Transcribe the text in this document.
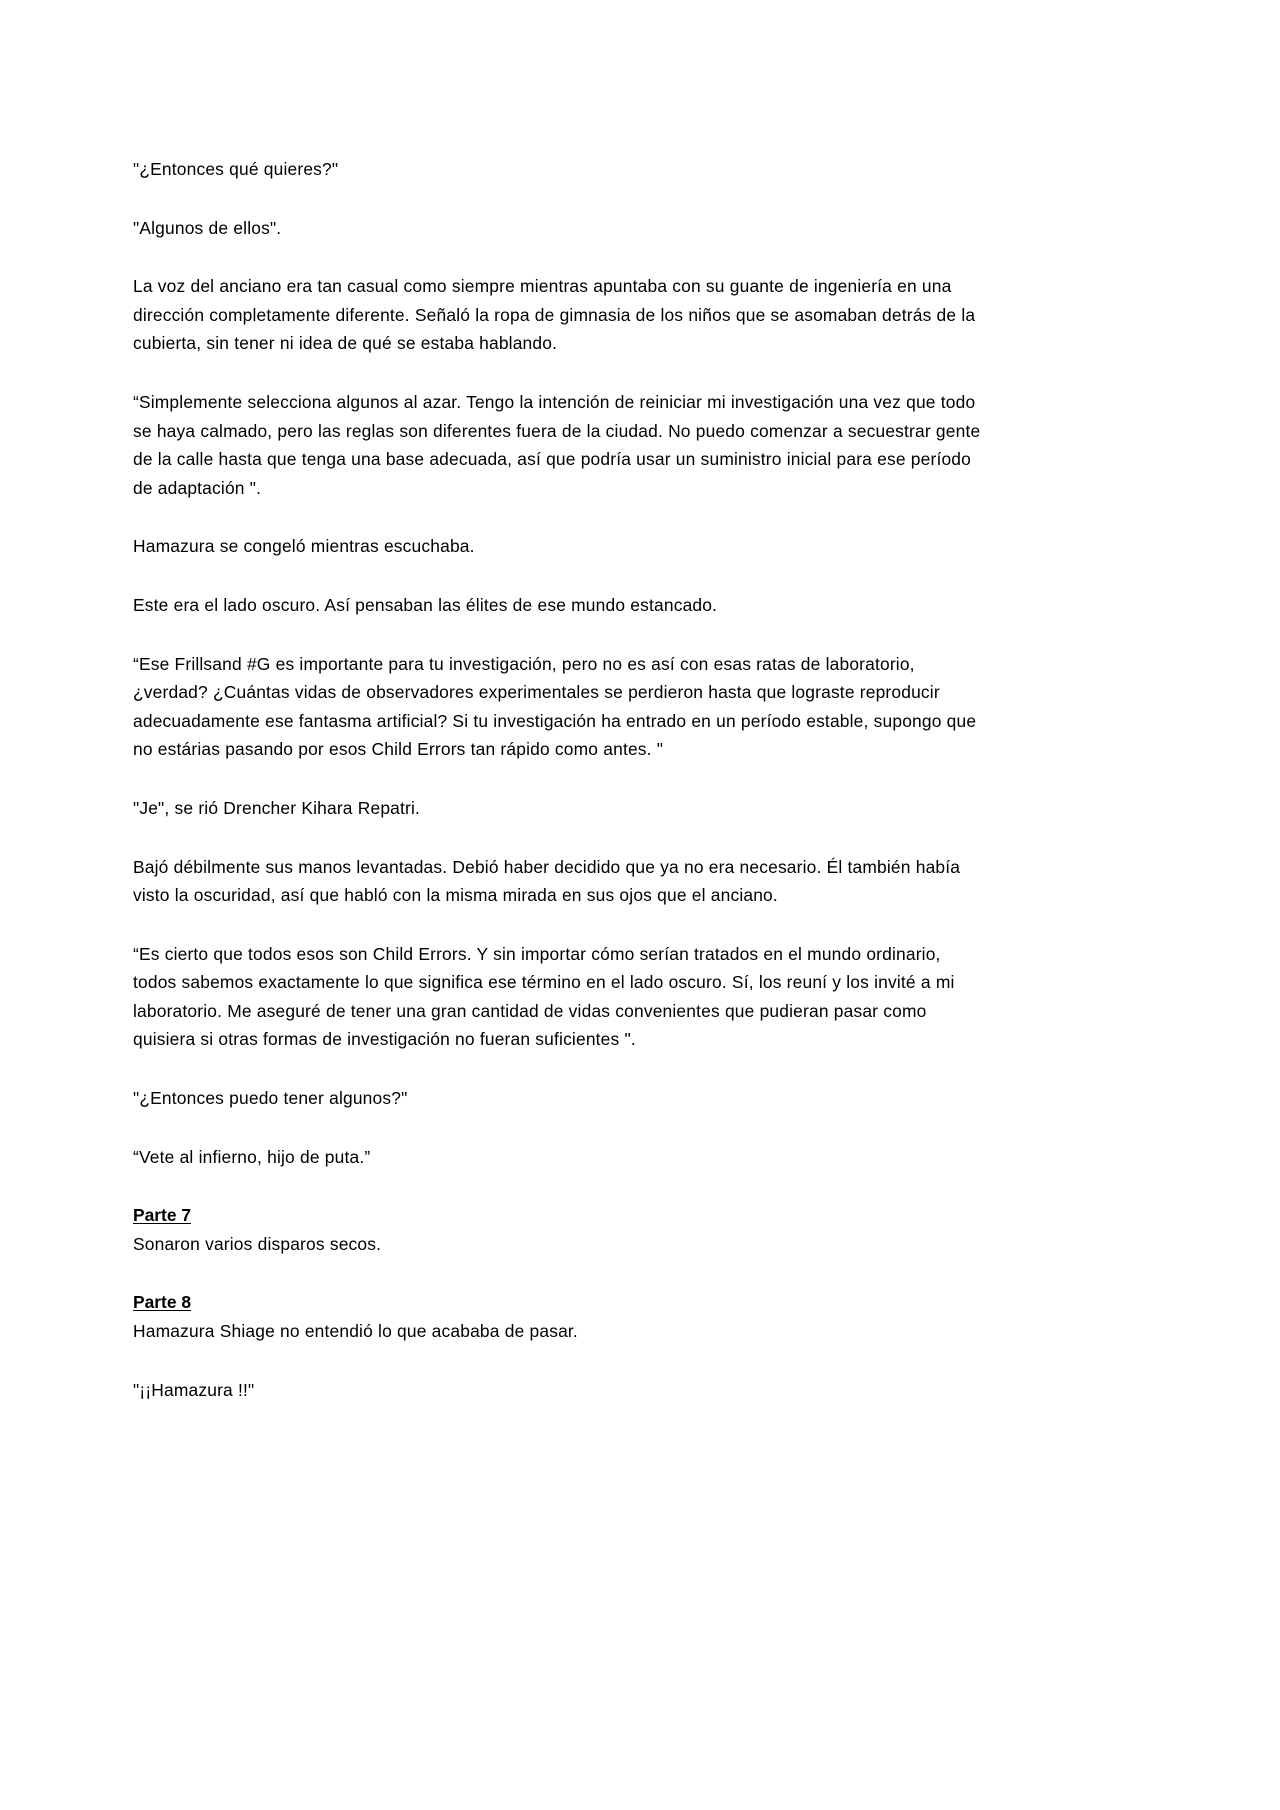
"¿Entonces qué quieres?"

"Algunos de ellos".

La voz del anciano era tan casual como siempre mientras apuntaba con su guante de ingeniería en una dirección completamente diferente. Señaló la ropa de gimnasia de los niños que se asomaban detrás de la cubierta, sin tener ni idea de qué se estaba hablando.

“Simplemente selecciona algunos al azar. Tengo la intención de reiniciar mi investigación una vez que todo se haya calmado, pero las reglas son diferentes fuera de la ciudad. No puedo comenzar a secuestrar gente de la calle hasta que tenga una base adecuada, así que podría usar un suministro inicial para ese período de adaptación ".

Hamazura se congeló mientras escuchaba.

Este era el lado oscuro. Así pensaban las élites de ese mundo estancado.

“Ese Frillsand #G es importante para tu investigación, pero no es así con esas ratas de laboratorio, ¿verdad? ¿Cuántas vidas de observadores experimentales se perdieron hasta que lograste reproducir adecuadamente ese fantasma artificial? Si tu investigación ha entrado en un período estable, supongo que no estárias pasando por esos Child Errors tan rápido como antes. "

"Je", se rió Drencher Kihara Repatri.

Bajó débilmente sus manos levantadas. Debió haber decidido que ya no era necesario. Él también había visto la oscuridad, así que habló con la misma mirada en sus ojos que el anciano.

“Es cierto que todos esos son Child Errors. Y sin importar cómo serían tratados en el mundo ordinario, todos sabemos exactamente lo que significa ese término en el lado oscuro. Sí, los reuní y los invité a mi laboratorio. Me aseguré de tener una gran cantidad de vidas convenientes que pudieran pasar como quisiera si otras formas de investigación no fueran suficientes ".

"¿Entonces puedo tener algunos?"

“Vete al infierno, hijo de puta.”

Parte 7

Sonaron varios disparos secos.

Parte 8

Hamazura Shiage no entendió lo que acababa de pasar.

"¡¡Hamazura !!"
